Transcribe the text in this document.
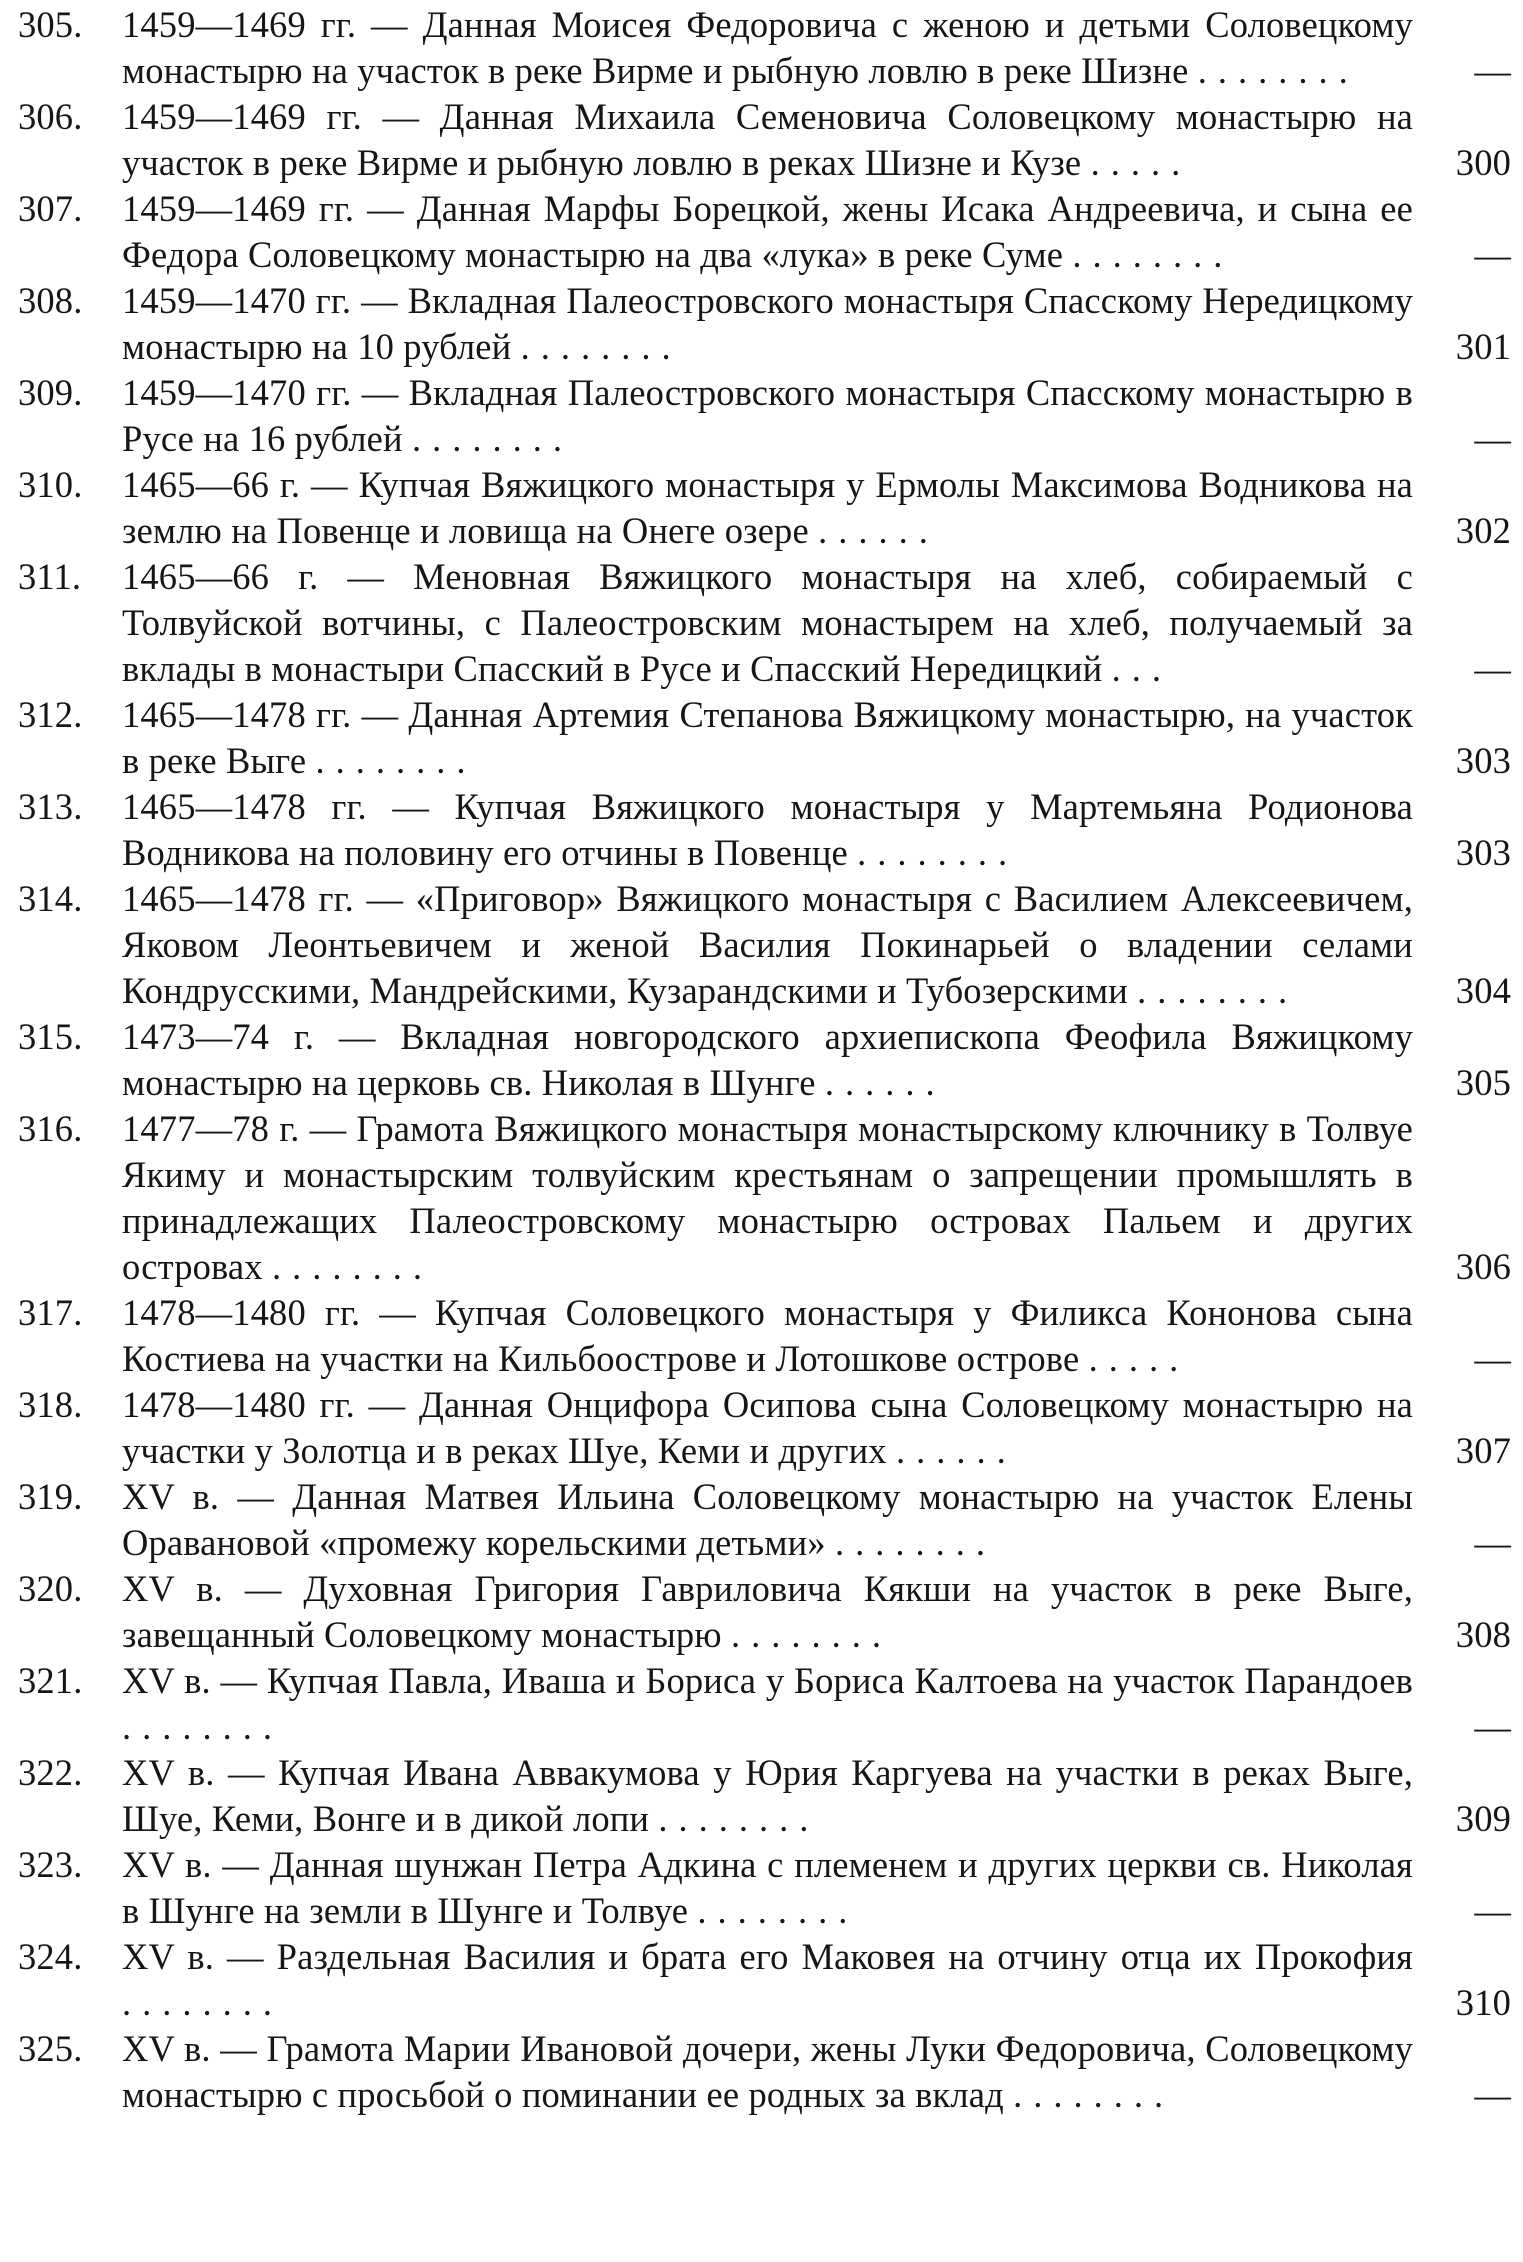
305. 1459—1469 гг. — Данная Моисея Федоровича с женою и детьми Соловецкому монастырю на участок в реке Вирме и рыбную ловлю в реке Шизне ........	—
306. 1459—1469 гг. — Данная Михаила Семеновича Соловецкому монастырю на участок в реке Вирме и рыбную ловлю в реках Шизне и Кузе .....	300
307. 1459—1469 гг. — Данная Марфы Борецкой, жены Исака Андреевича, и сына ее Федора Соловецкому монастырю на два «лука» в реке Суме ........	—
308. 1459—1470 гг. — Вкладная Палеостровского монастыря Спасскому Нередицкому монастырю на 10 рублей ........	301
309. 1459—1470 гг. — Вкладная Палеостровского монастыря Спасскому монастырю в Русе на 16 рублей ........	—
310. 1465—66 г. — Купчая Вяжицкого монастыря у Ермолы Максимова Водникова на землю на Повенце и ловища на Онеге озере ......	302
311. 1465—66 г. — Меновная Вяжицкого монастыря на хлеб, собираемый с Толвуйской вотчины, с Палеостровским монастырем на хлеб, получаемый за вклады в монастыри Спасский в Русе и Спасский Нередицкий ...	—
312. 1465—1478 гг. — Данная Артемия Степанова Вяжицкому монастырю, на участок в реке Выге ........	303
313. 1465—1478 гг. — Купчая Вяжицкого монастыря у Мартемьяна Родионова Водникова на половину его отчины в Повенце ........	303
314. 1465—1478 гг. — «Приговор» Вяжицкого монастыря с Василием Алексеевичем, Яковом Леонтьевичем и женой Василия Покинарьей о владении селами Кондрусскими, Мандрейскими, Кузарандскими и Тубозерскими ........	304
315. 1473—74 г. — Вкладная новгородского архиепископа Феофила Вяжицкому монастырю на церковь св. Николая в Шунге ......	305
316. 1477—78 г. — Грамота Вяжицкого монастыря монастырскому ключнику в Толвуе Якиму и монастырским толвуйским крестьянам о запрещении промышлять в принадлежащих Палеостровскому монастырю островах Пальем и других островах ........	306
317. 1478—1480 гг. — Купчая Соловецкого монастыря у Филикса Кононова сына Костиева на участки на Кильбоострове и Лотошкове острове .....	—
318. 1478—1480 гг. — Данная Онцифора Осипова сына Соловецкому монастырю на участки у Золотца и в реках Шуе, Кеми и других ......	307
319. XV в. — Данная Матвея Ильина Соловецкому монастырю на участок Елены Оравановой «промежу корельскими детьми» ........	—
320. XV в. — Духовная Григория Гавриловича Кякши на участок в реке Выге, завещанный Соловецкому монастырю ........	308
321. XV в. — Купчая Павла, Иваша и Бориса у Бориса Калтоева на участок Парандоев ........	—
322. XV в. — Купчая Ивана Аввакумова у Юрия Каргуева на участки в реках Выге, Шуе, Кеми, Вонге и в дикой лопи ........	309
323. XV в. — Данная шунжан Петра Адкина с племенем и других церкви св. Николая в Шунге на земли в Шунге и Толвуе ........	—
324. XV в. — Раздельная Василия и брата его Маковея на отчину отца их Прокофия ........	310
325. XV в. — Грамота Марии Ивановой дочери, жены Луки Федоровича, Соловецкому монастырю с просьбой о поминании ее родных за вклад ........	—
